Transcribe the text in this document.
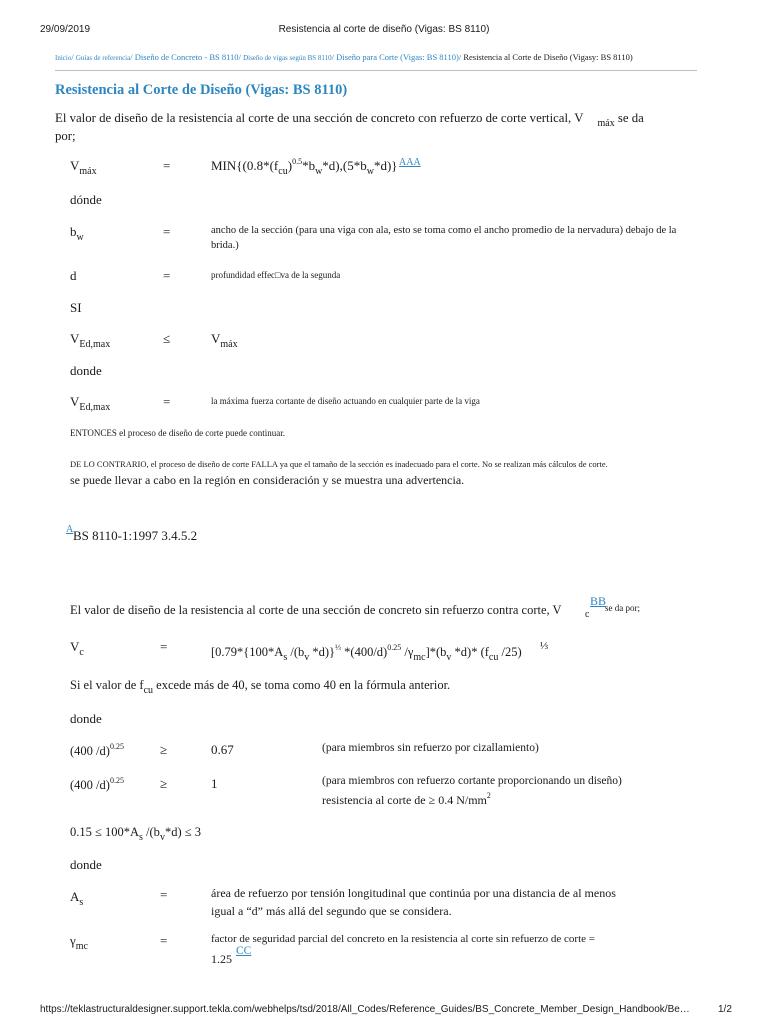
29/09/2019	Resistencia al corte de diseño (Vigas: BS 8110)
Inicio/ Guías de referencia/ Diseño de Concreto - BS 8110/ Diseño de vigas según BS 8110/ Diseño para Corte (Vigas: BS 8110)/ Resistencia al Corte de Diseño (Vigasy: BS 8110)
Resistencia al Corte de Diseño (Vigas: BS 8110)
El valor de diseño de la resistencia al corte de una sección de concreto con refuerzo de corte vertical, V $_{máx}$ se da
por;
$V_{máx}$	=	$MIN\{(0.8*(f_{cu})^{0.5}*b_w*d),(5*b_w*d)\}$ AAA
dónde
$b_w$	=	ancho de la sección (para una viga con ala, esto se toma como el ancho promedio de la nervadura) debajo de la brida.)
d	=	profundidad effec□va de la segunda
SI
$V_{Ed,max}$	≤	$V_{máx}$
donde
$V_{Ed,max}$	=	la máxima fuerza cortante de diseño actuando en cualquier parte de la viga
ENTONCES el proceso de diseño de corte puede continuar.
DE LO CONTRARIO, el proceso de diseño de corte FALLA ya que el tamaño de la sección es inadecuado para el corte. No se realizan más cálculos de corte.
se puede llevar a cabo en la región en consideración y se muestra una advertencia.
A BS 8110-1:1997 3.4.5.2
El valor de diseño de la resistencia al corte de una sección de concreto sin refuerzo contra corte, V c
BB
se da por;
$V_c$	=	[$0.79*\{100*A_s$ $/(b_v$ *d)}$^{\frac{1}{3}}$ $*(400/d)^{0.25}$ $/\gamma_{mc}]*(b_v$ *d)* ($f_{cu}$ /25) ⅓
Si el valor de $f_{cu}$ excede más de 40, se toma como 40 en la fórmula anterior.
donde
(400 /d)$^{0.25}$	≥	0.67	(para miembros sin refuerzo por cizallamiento)
(400 /d)$^{0.25}$	≥	1	(para miembros con refuerzo cortante proporcionando un diseño)
resistencia al corte de ≥ 0.4 $N/mm^2$
$0.15 \le 100*A_s$ $/(b_v*d) \le 3$
donde
$A_s$
=	área de refuerzo por tensión longitudinal que continúa por una distancia de al menos
igual a “d” más allá del segundo que se considera.
$\gamma_{mc}$	=	factor de seguridad parcial del concreto en la resistencia al corte sin refuerzo de corte =
1.25
CC
https://teklastructuraldesigner.support.tekla.com/webhelps/tsd/2018/All_Codes/Reference_Guides/BS_Concrete_Member_Design_Handbook/Be…	1/2
